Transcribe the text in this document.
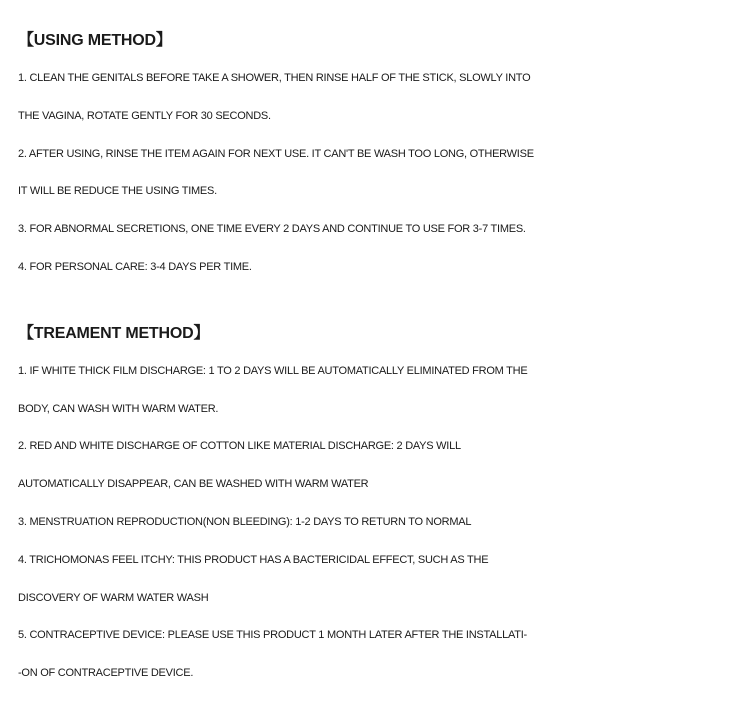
【USING METHOD】
1. CLEAN THE GENITALS BEFORE TAKE A SHOWER, THEN RINSE HALF OF THE STICK, SLOWLY INTO
THE VAGINA, ROTATE GENTLY FOR 30 SECONDS.
2. AFTER USING, RINSE THE ITEM AGAIN FOR NEXT USE. IT CAN'T BE WASH TOO LONG, OTHERWISE
IT WILL BE REDUCE THE USING TIMES.
3. FOR ABNORMAL SECRETIONS, ONE TIME EVERY 2 DAYS AND CONTINUE TO USE FOR 3-7 TIMES.
4. FOR PERSONAL CARE: 3-4 DAYS PER TIME.
【TREAMENT METHOD】
1. IF WHITE THICK FILM DISCHARGE: 1 TO 2 DAYS WILL BE AUTOMATICALLY ELIMINATED FROM THE
BODY, CAN WASH WITH WARM WATER.
2. RED AND WHITE DISCHARGE OF COTTON LIKE MATERIAL DISCHARGE: 2 DAYS WILL
AUTOMATICALLY DISAPPEAR, CAN BE WASHED WITH WARM WATER
3. MENSTRUATION REPRODUCTION(NON BLEEDING): 1-2 DAYS TO RETURN TO NORMAL
4. TRICHOMONAS FEEL ITCHY: THIS PRODUCT HAS A BACTERICIDAL EFFECT, SUCH AS THE
DISCOVERY OF WARM WATER WASH
5. CONTRACEPTIVE DEVICE: PLEASE USE THIS PRODUCT 1 MONTH LATER AFTER THE INSTALLATI-
-ON OF CONTRACEPTIVE DEVICE.
